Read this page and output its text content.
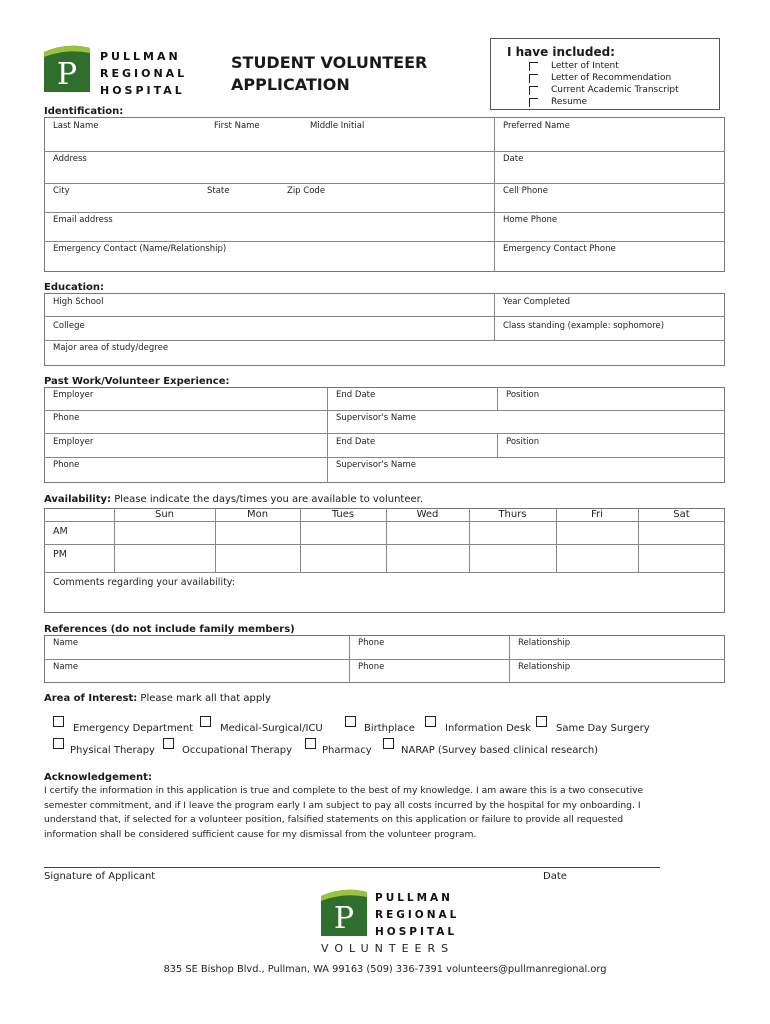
P
PULLMAN
REGIONAL
HOSPITAL
STUDENT VOLUNTEER
APPLICATION
I have included:
Letter of Intent
Letter of Recommendation
Current Academic Transcript
Resume
Identification:
Last Name	First Name	Middle Initial	Preferred Name
Address	Date
City	State	Zip Code	Cell Phone
Email address	Home Phone
Emergency Contact (Name/Relationship)	Emergency Contact Phone
Education:
High School	Year Completed
College	Class standing (example: sophomore)
Major area of study/degree
Past Work/Volunteer Experience:
Employer	End Date	Position
Phone	Supervisor's Name
Employer	End Date	Position
Phone	Supervisor's Name
Availability: Please indicate the days/times you are available to volunteer.
Sun	Mon	Tues	Wed	Thurs	Fri	Sat
AM
PM
Comments regarding your availability:
References (do not include family members)
Name	Phone	Relationship
Name	Phone	Relationship
Area of Interest: Please mark all that apply
Emergency Department	Medical-Surgical/ICU	Birthplace	Information Desk	Same Day Surgery
Physical Therapy	Occupational Therapy	Pharmacy	NARAP (Survey based clinical research)
Acknowledgement:
I certify the information in this application is true and complete to the best of my knowledge. I am aware this is a two consecutive
semester commitment, and if I leave the program early I am subject to pay all costs incurred by the hospital for my onboarding. I
understand that, if selected for a volunteer position, falsified statements on this application or failure to provide all requested
information shall be considered sufficient cause for my dismissal from the volunteer program.
Signature of Applicant	Date
P
PULLMAN
REGIONAL
HOSPITAL
VOLUNTEERS
835 SE Bishop Blvd., Pullman, WA 99163 (509) 336-7391 volunteers@pullmanregional.org
